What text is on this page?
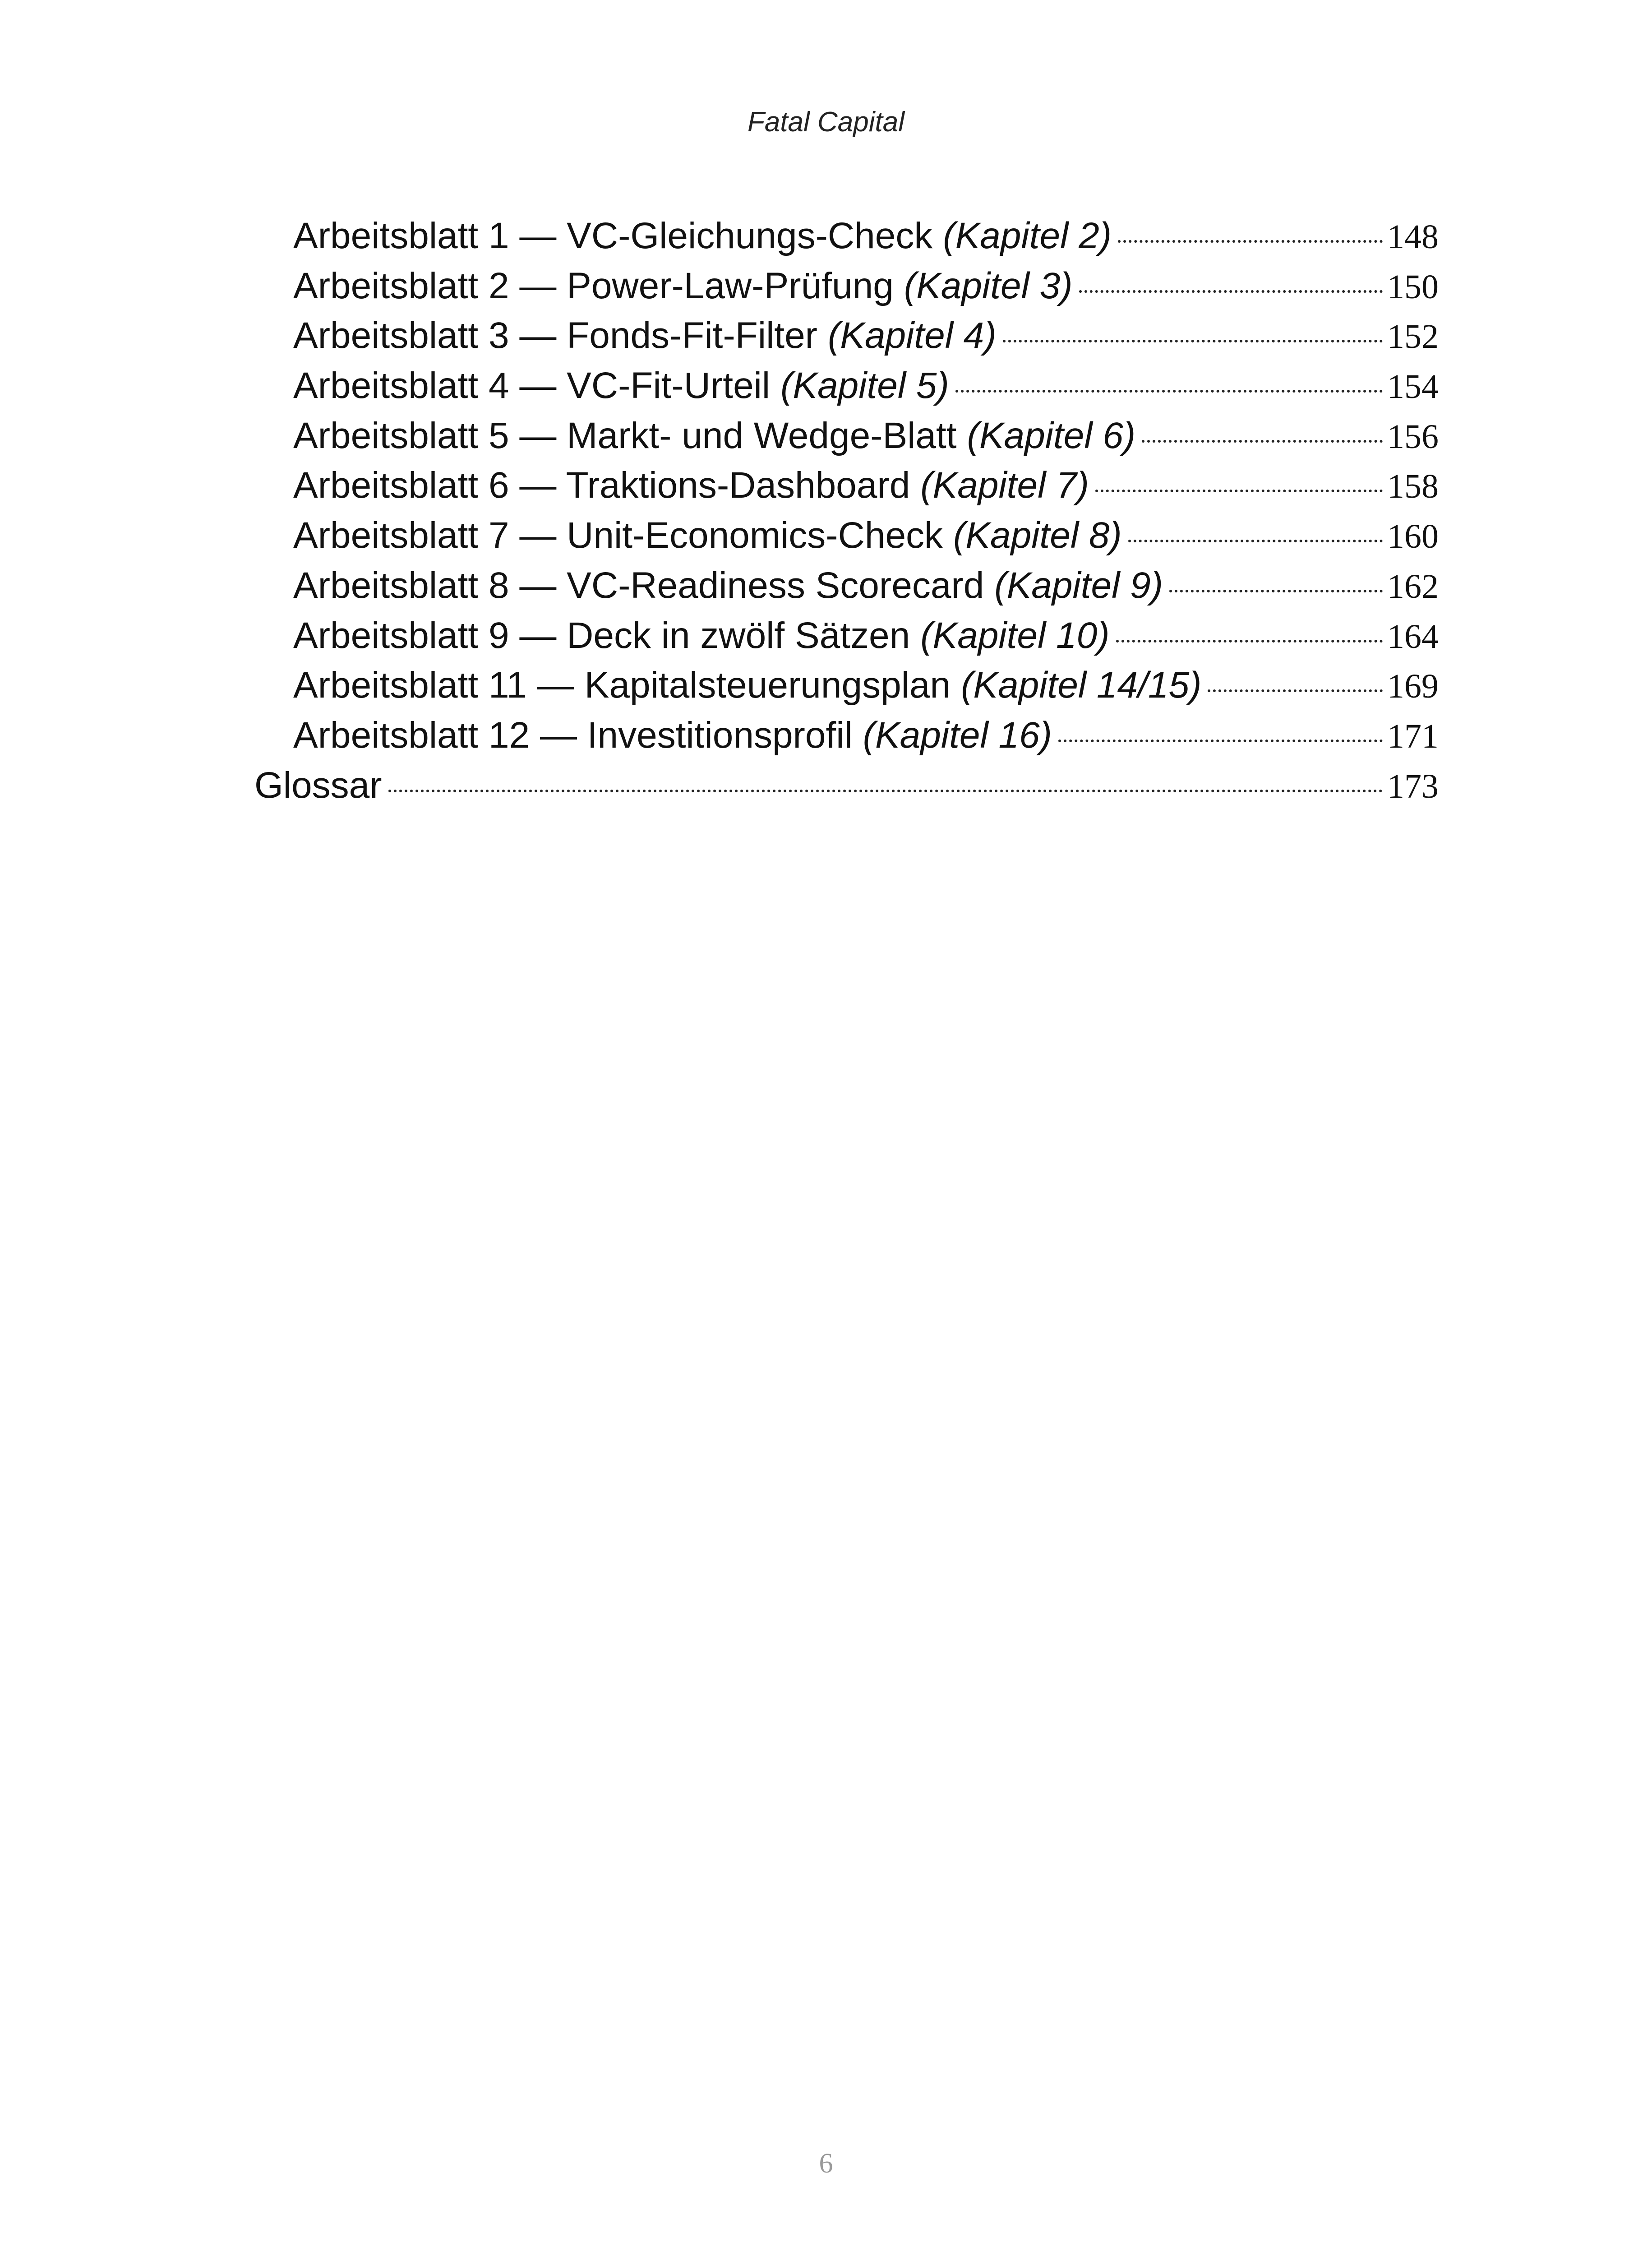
Fatal Capital
Arbeitsblatt 1 — VC-Gleichungs-Check (Kapitel 2)	148
Arbeitsblatt 2 — Power-Law-Prüfung (Kapitel 3)	150
Arbeitsblatt 3 — Fonds-Fit-Filter (Kapitel 4)	152
Arbeitsblatt 4 — VC-Fit-Urteil (Kapitel 5)	154
Arbeitsblatt 5 — Markt- und Wedge-Blatt (Kapitel 6)	156
Arbeitsblatt 6 — Traktions-Dashboard (Kapitel 7)	158
Arbeitsblatt 7 — Unit-Economics-Check (Kapitel 8)	160
Arbeitsblatt 8 — VC-Readiness Scorecard (Kapitel 9)	162
Arbeitsblatt 9 — Deck in zwölf Sätzen (Kapitel 10)	164
Arbeitsblatt 11 — Kapitalsteuerungsplan (Kapitel 14/15)	169
Arbeitsblatt 12 — Investitionsprofil (Kapitel 16)	171
Glossar	173
6
